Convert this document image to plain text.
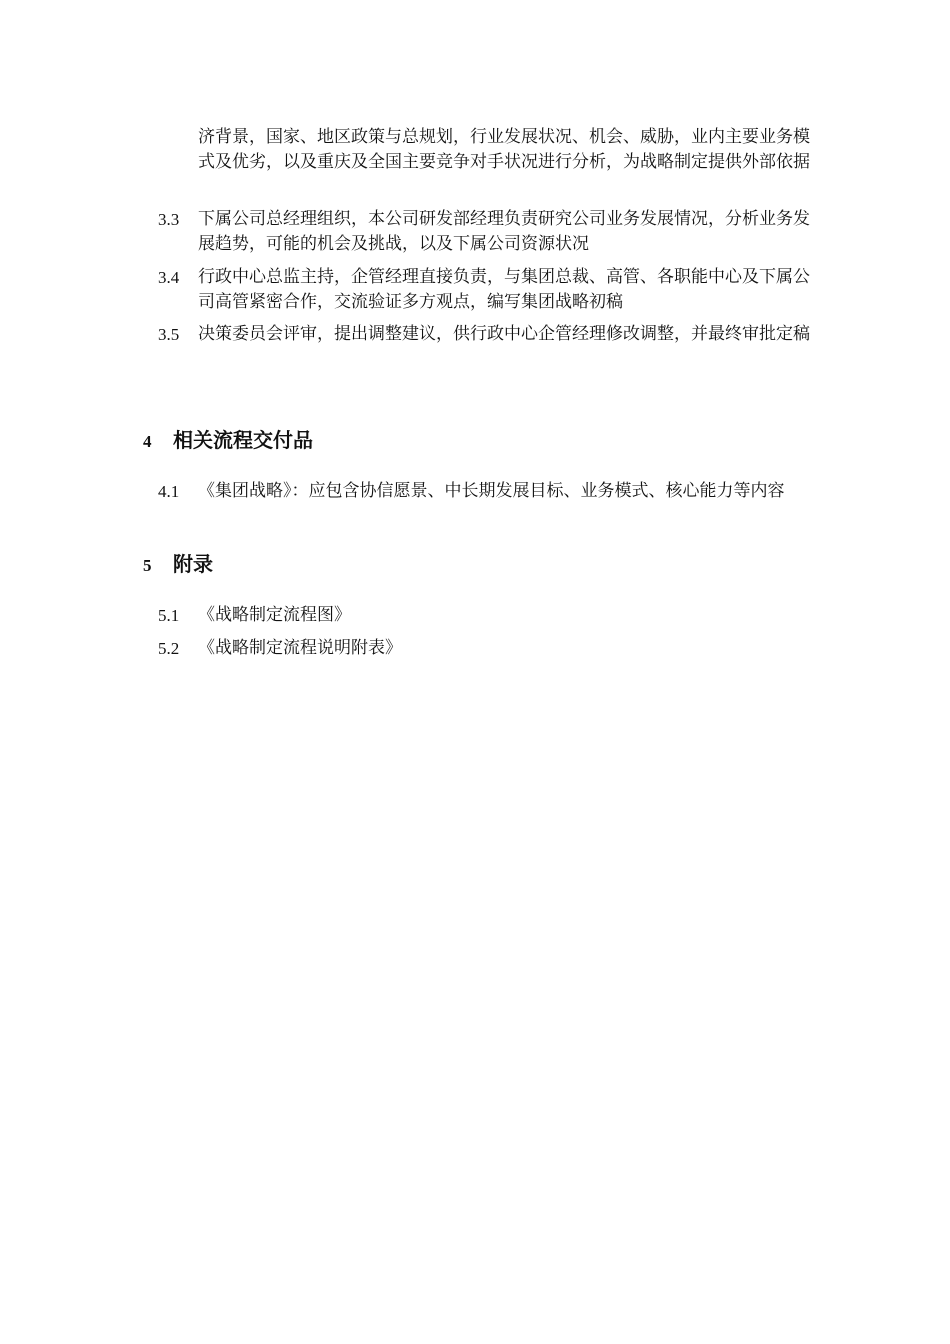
济背景，国家、地区政策与总规划，行业发展状况、机会、威胁，业内主要业务模式及优劣，以及重庆及全国主要竞争对手状况进行分析，为战略制定提供外部依据
3.3	下属公司总经理组织，本公司研发部经理负责研究公司业务发展情况，分析业务发展趋势，可能的机会及挑战，以及下属公司资源状况
3.4	行政中心总监主持，企管经理直接负责，与集团总裁、高管、各职能中心及下属公司高管紧密合作，交流验证多方观点，编写集团战略初稿
3.5	决策委员会评审，提出调整建议，供行政中心企管经理修改调整，并最终审批定稿
4 相关流程交付品
4.1	《集团战略》：应包含协信愿景、中长期发展目标、业务模式、核心能力等内容
5 附录
5.1	《战略制定流程图》
5.2	《战略制定流程说明附表》
